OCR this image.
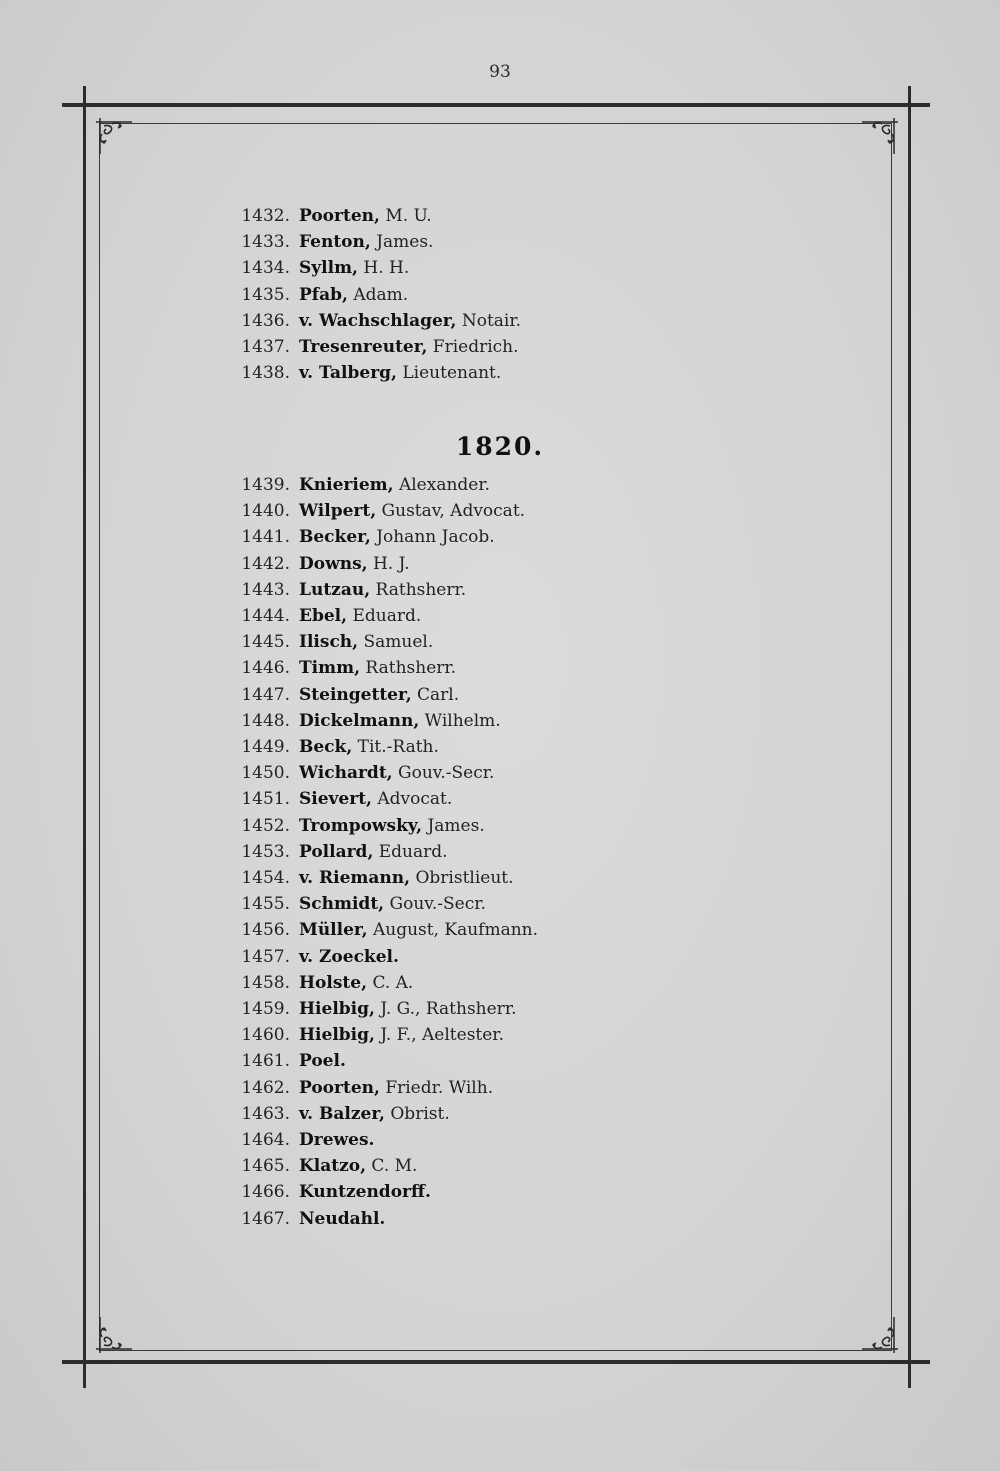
93
1432. Poorten, M. U.
1433. Fenton, James.
1434. Syllm, H. H.
1435. Pfab, Adam.
1436. v. Wachschlager, Notair.
1437. Tresenreuter, Friedrich.
1438. v. Talberg, Lieutenant.
1820.
1439. Knieriem, Alexander.
1440. Wilpert, Gustav, Advocat.
1441. Becker, Johann Jacob.
1442. Downs, H. J.
1443. Lutzau, Rathsherr.
1444. Ebel, Eduard.
1445. Ilisch, Samuel.
1446. Timm, Rathsherr.
1447. Steingetter, Carl.
1448. Dickelmann, Wilhelm.
1449. Beck, Tit.-Rath.
1450. Wichardt, Gouv.-Secr.
1451. Sievert, Advocat.
1452. Trompowsky, James.
1453. Pollard, Eduard.
1454. v. Riemann, Obristlieut.
1455. Schmidt, Gouv.-Secr.
1456. Müller, August, Kaufmann.
1457. v. Zoeckel.
1458. Holste, C. A.
1459. Hielbig, J. G., Rathsherr.
1460. Hielbig, J. F., Aeltester.
1461. Poel.
1462. Poorten, Friedr. Wilh.
1463. v. Balzer, Obrist.
1464. Drewes.
1465. Klatzo, C. M.
1466. Kuntzendorff.
1467. Neudahl.
